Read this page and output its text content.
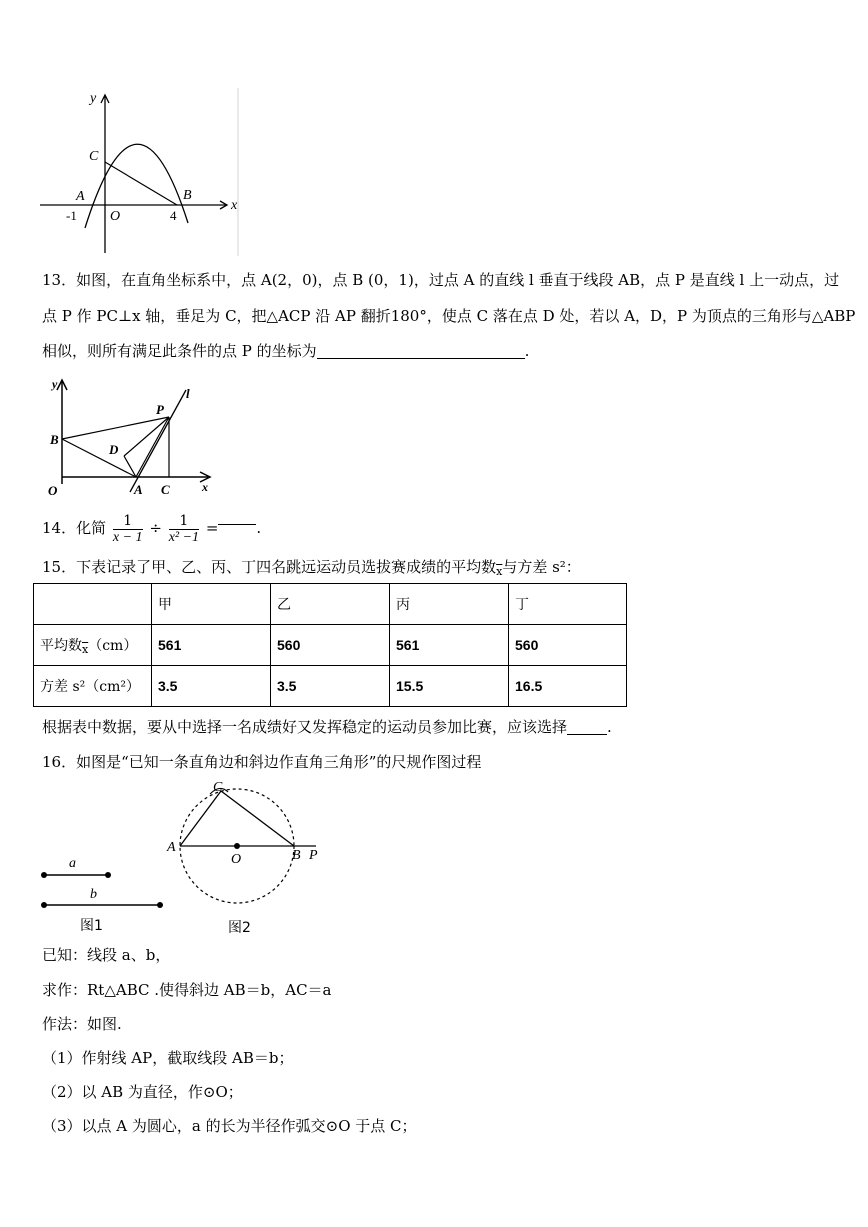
y
x
C
A	B
O
-1	4
13．如图，在直角坐标系中，点 A(2，0)，点 B (0，1)，过点 A 的直线 l 垂直于线段 AB，点 P 是直线 l 上一动点，过
点 P 作 PC⊥x 轴，垂足为 C，把△ACP 沿 AP 翻折180°，使点 C 落在点 D 处，若以 A，D，P 为顶点的三角形与△ABP
相似，则所有满足此条件的点 P 的坐标为	.
y
l
P
B
D
O	A C	x
14．化简 $\frac{1}{x - 1} \div \frac{1}{\text{x² −1}}$ =	.
15．下表记录了甲、乙、丙、丁四名跳远运动员选拔赛成绩的平均数$_{\overline{x}}$与方差 s²：
	甲	乙	丙	丁
平均数$_{\overline{x}}$（cm）	561	560	561	560
方差 s²（cm²）	3.5	3.5	15.5	16.5
根据表中数据，要从中选择一名成绩好又发挥稳定的运动员参加比赛，应该选择	.
16．如图是“已知一条直角边和斜边作直角三角形”的尺规作图过程
a
b
图1
C
A
O	B P
图2
已知：线段 a、b，
求作：Rt△ABC .使得斜边 AB＝b，AC＝a
作法：如图.
（1）作射线 AP，截取线段 AB＝b；
（2）以 AB 为直径，作⊙O；
（3）以点 A 为圆心，a 的长为半径作弧交⊙O 于点 C；
